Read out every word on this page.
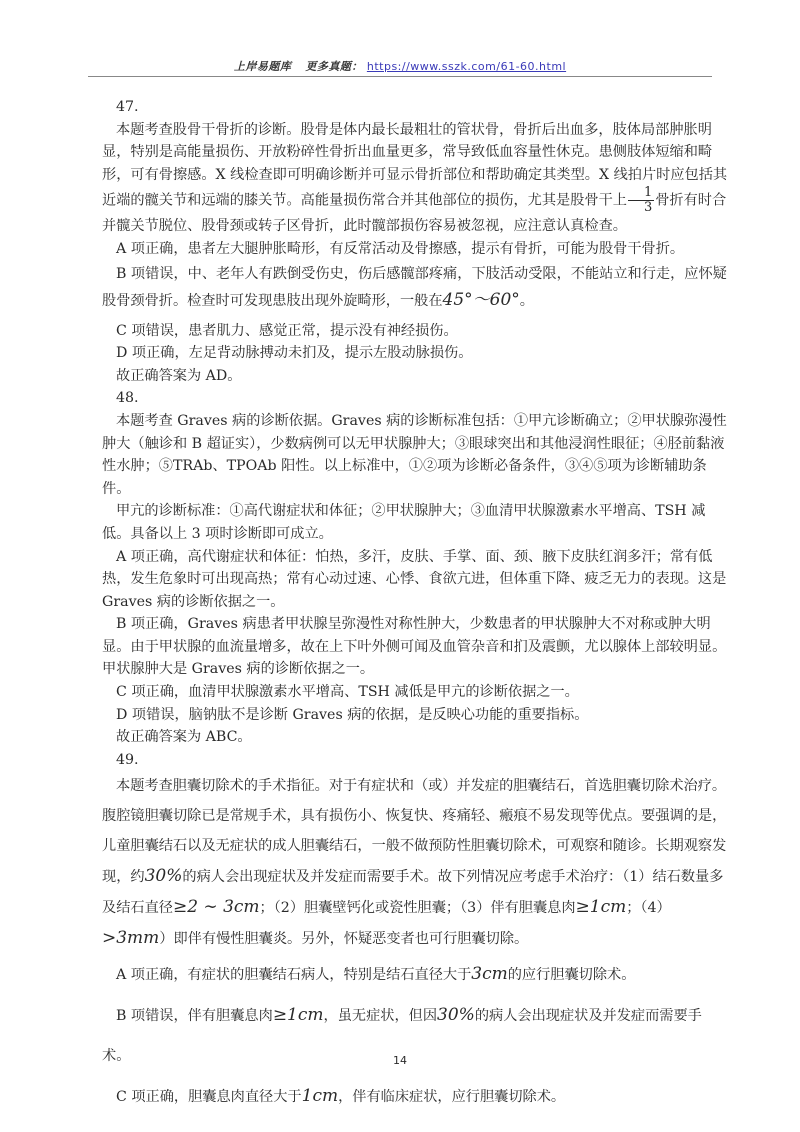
上岸易题库 更多真题： https://www.sszk.com/61-60.html

47.

本题考查股骨干骨折的诊断。股骨是体内最长最粗壮的管状骨，骨折后出血多，肢体局部肿胀明显，特别是高能量损伤、开放粉碎性骨折出血量更多，常导致低血容量性休克。患侧肢体短缩和畸形，可有骨擦感。X 线检查即可明确诊断并可显示骨折部位和帮助确定其类型。X 线拍片时应包括其近端的髋关节和远端的膝关节。高能量损伤常合并其他部位的损伤，尤其是股骨干上 $\frac{1}{3}$ 骨折有时合并髋关节脱位、股骨颈或转子区骨折，此时髋部损伤容易被忽视，应注意认真检查。

A 项正确，患者左大腿肿胀畸形，有反常活动及骨擦感，提示有骨折，可能为股骨干骨折。

B 项错误，中、老年人有跌倒受伤史，伤后感髋部疼痛，下肢活动受限，不能站立和行走，应怀疑股骨颈骨折。检查时可发现患肢出现外旋畸形，一般在45°～60°。

C 项错误，患者肌力、感觉正常，提示没有神经损伤。

D 项正确，左足背动脉搏动未扪及，提示左股动脉损伤。

故正确答案为 AD。

48.

本题考查 Graves 病的诊断依据。Graves 病的诊断标准包括：①甲亢诊断确立；②甲状腺弥漫性肿大（触诊和 B 超证实），少数病例可以无甲状腺肿大；③眼球突出和其他浸润性眼征；④胫前黏液性水肿；⑤TRAb、TPOAb 阳性。以上标准中，①②项为诊断必备条件，③④⑤项为诊断辅助条件。

甲亢的诊断标准：①高代谢症状和体征；②甲状腺肿大；③血清甲状腺激素水平增高、TSH 减低。具备以上 3 项时诊断即可成立。

A 项正确，高代谢症状和体征：怕热，多汗，皮肤、手掌、面、颈、腋下皮肤红润多汗；常有低热，发生危象时可出现高热；常有心动过速、心悸、食欲亢进，但体重下降、疲乏无力的表现。这是 Graves 病的诊断依据之一。

B 项正确，Graves 病患者甲状腺呈弥漫性对称性肿大，少数患者的甲状腺肿大不对称或肿大明显。由于甲状腺的血流量增多，故在上下叶外侧可闻及血管杂音和扪及震颤，尤以腺体上部较明显。甲状腺肿大是 Graves 病的诊断依据之一。

C 项正确，血清甲状腺激素水平增高、TSH 减低是甲亢的诊断依据之一。

D 项错误，脑钠肽不是诊断 Graves 病的依据，是反映心功能的重要指标。

故正确答案为 ABC。

49.

本题考查胆囊切除术的手术指征。对于有症状和（或）并发症的胆囊结石，首选胆囊切除术治疗。腹腔镜胆囊切除已是常规手术，具有损伤小、恢复快、疼痛轻、瘢痕不易发现等优点。要强调的是，儿童胆囊结石以及无症状的成人胆囊结石，一般不做预防性胆囊切除术，可观察和随诊。长期观察发现，约30%的病人会出现症状及并发症而需要手术。故下列情况应考虑手术治疗：（1）结石数量多及结石直径≥2 ∼ 3cm；（2）胆囊壁钙化或瓷性胆囊；（3）伴有胆囊息肉≥1cm；（4）>3mm）即伴有慢性胆囊炎。另外，怀疑恶变者也可行胆囊切除。

A 项正确，有症状的胆囊结石病人，特别是结石直径大于3cm的应行胆囊切除术。

B 项错误，伴有胆囊息肉≥1cm，虽无症状，但因30%的病人会出现症状及并发症而需要手术。

C 项正确，胆囊息肉直径大于1cm，伴有临床症状，应行胆囊切除术。

14
